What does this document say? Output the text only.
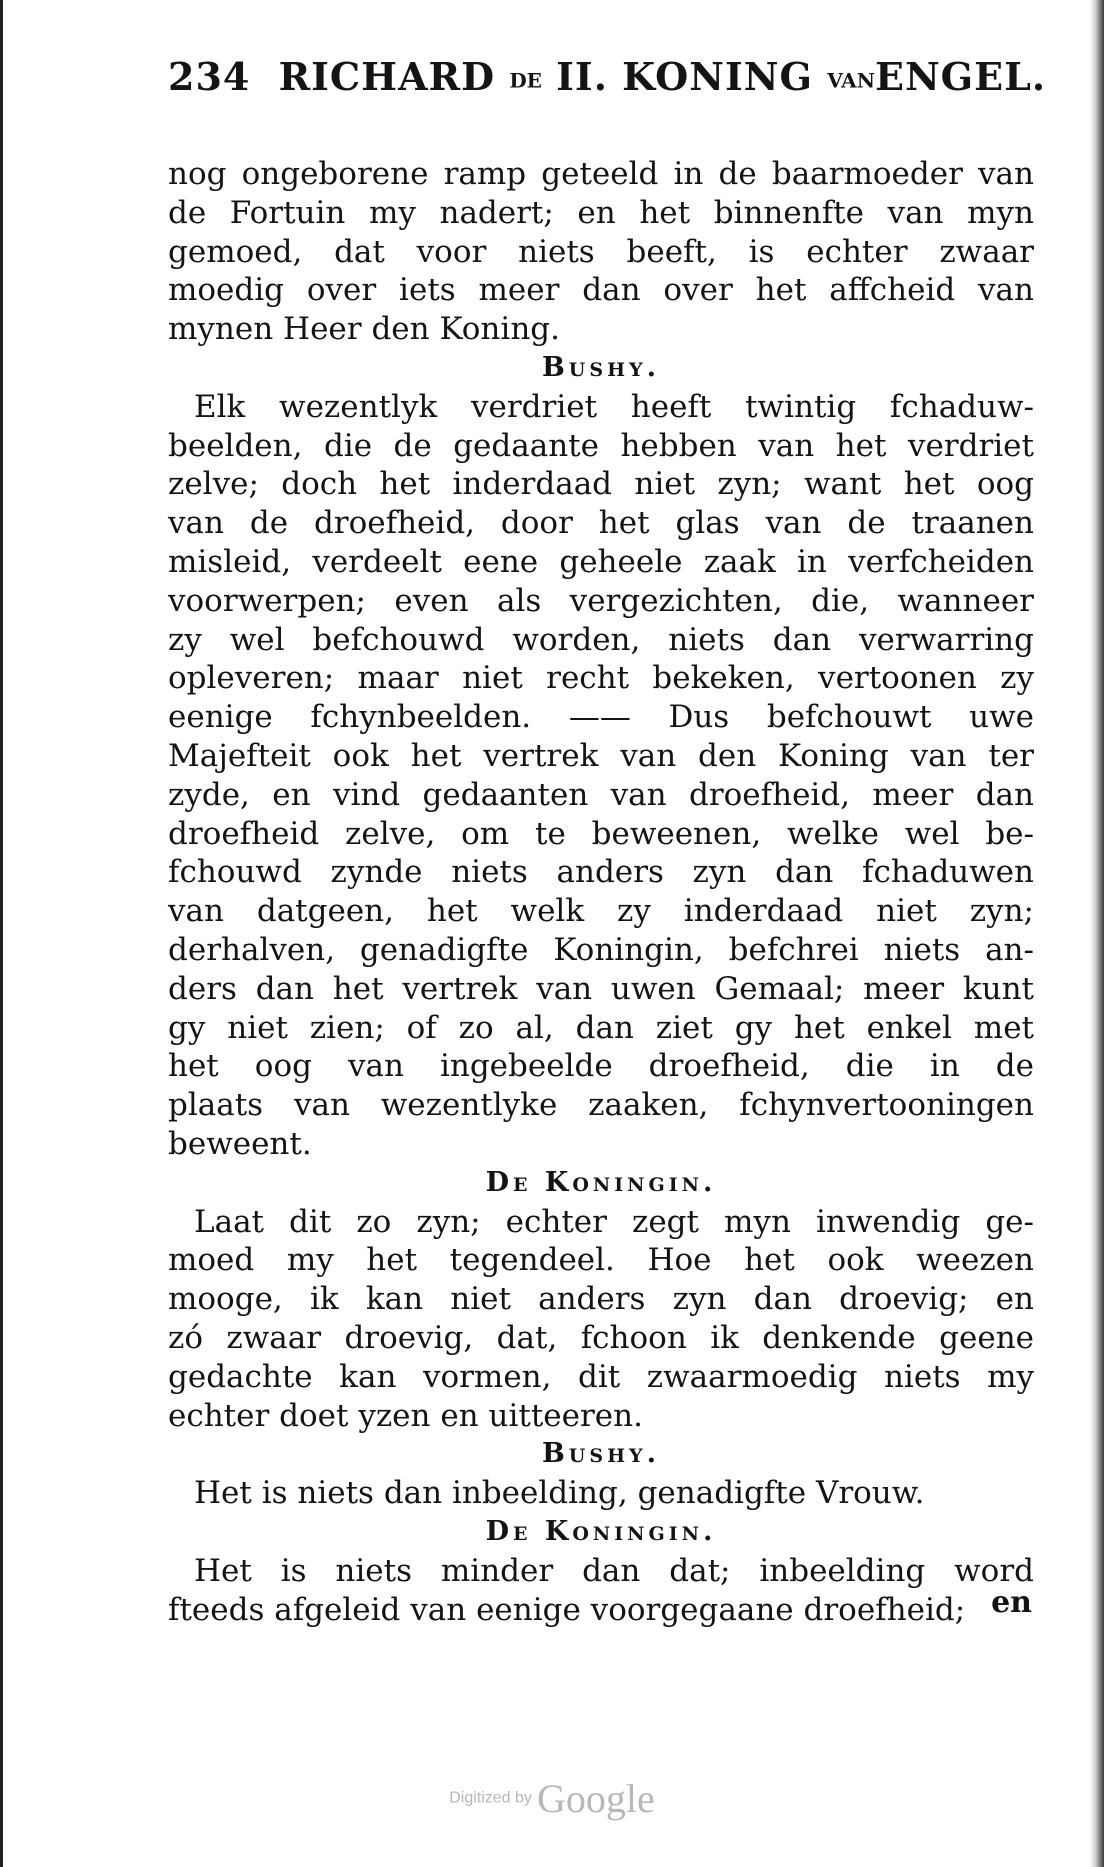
234 RICHARD DE II. KONING VANENGEL.
nog ongeborene ramp geteeld in de baarmoeder van
de Fortuin my nadert; en het binnenfte van myn
gemoed, dat voor niets beeft, is echter zwaar
moedig over iets meer dan over het affcheid van
mynen Heer den Koning.
Bushy.
Elk wezentlyk verdriet heeft twintig fchaduw-
beelden, die de gedaante hebben van het verdriet
zelve; doch het inderdaad niet zyn; want het oog
van de droefheid, door het glas van de traanen
misleid, verdeelt eene geheele zaak in verfcheiden
voorwerpen; even als vergezichten, die, wanneer
zy wel befchouwd worden, niets dan verwarring
opleveren; maar niet recht bekeken, vertoonen zy
eenige fchynbeelden. —— Dus befchouwt uwe
Majefteit ook het vertrek van den Koning van ter
zyde, en vind gedaanten van droefheid, meer dan
droefheid zelve, om te beweenen, welke wel be-
fchouwd zynde niets anders zyn dan fchaduwen
van datgeen, het welk zy inderdaad niet zyn;
derhalven, genadigfte Koningin, befchrei niets an-
ders dan het vertrek van uwen Gemaal; meer kunt
gy niet zien; of zo al, dan ziet gy het enkel met
het oog van ingebeelde droefheid, die in de
plaats van wezentlyke zaaken, fchynvertooningen
beweent.
De Koningin.
Laat dit zo zyn; echter zegt myn inwendig ge-
moed my het tegendeel. Hoe het ook weezen
mooge, ik kan niet anders zyn dan droevig; en
zó zwaar droevig, dat, fchoon ik denkende geene
gedachte kan vormen, dit zwaarmoedig niets my
echter doet yzen en uitteeren.
Bushy.
Het is niets dan inbeelding, genadigfte Vrouw.
De Koningin.
Het is niets minder dan dat; inbeelding word
fteeds afgeleid van eenige voorgegaane droefheid; en
Digitized by Google
